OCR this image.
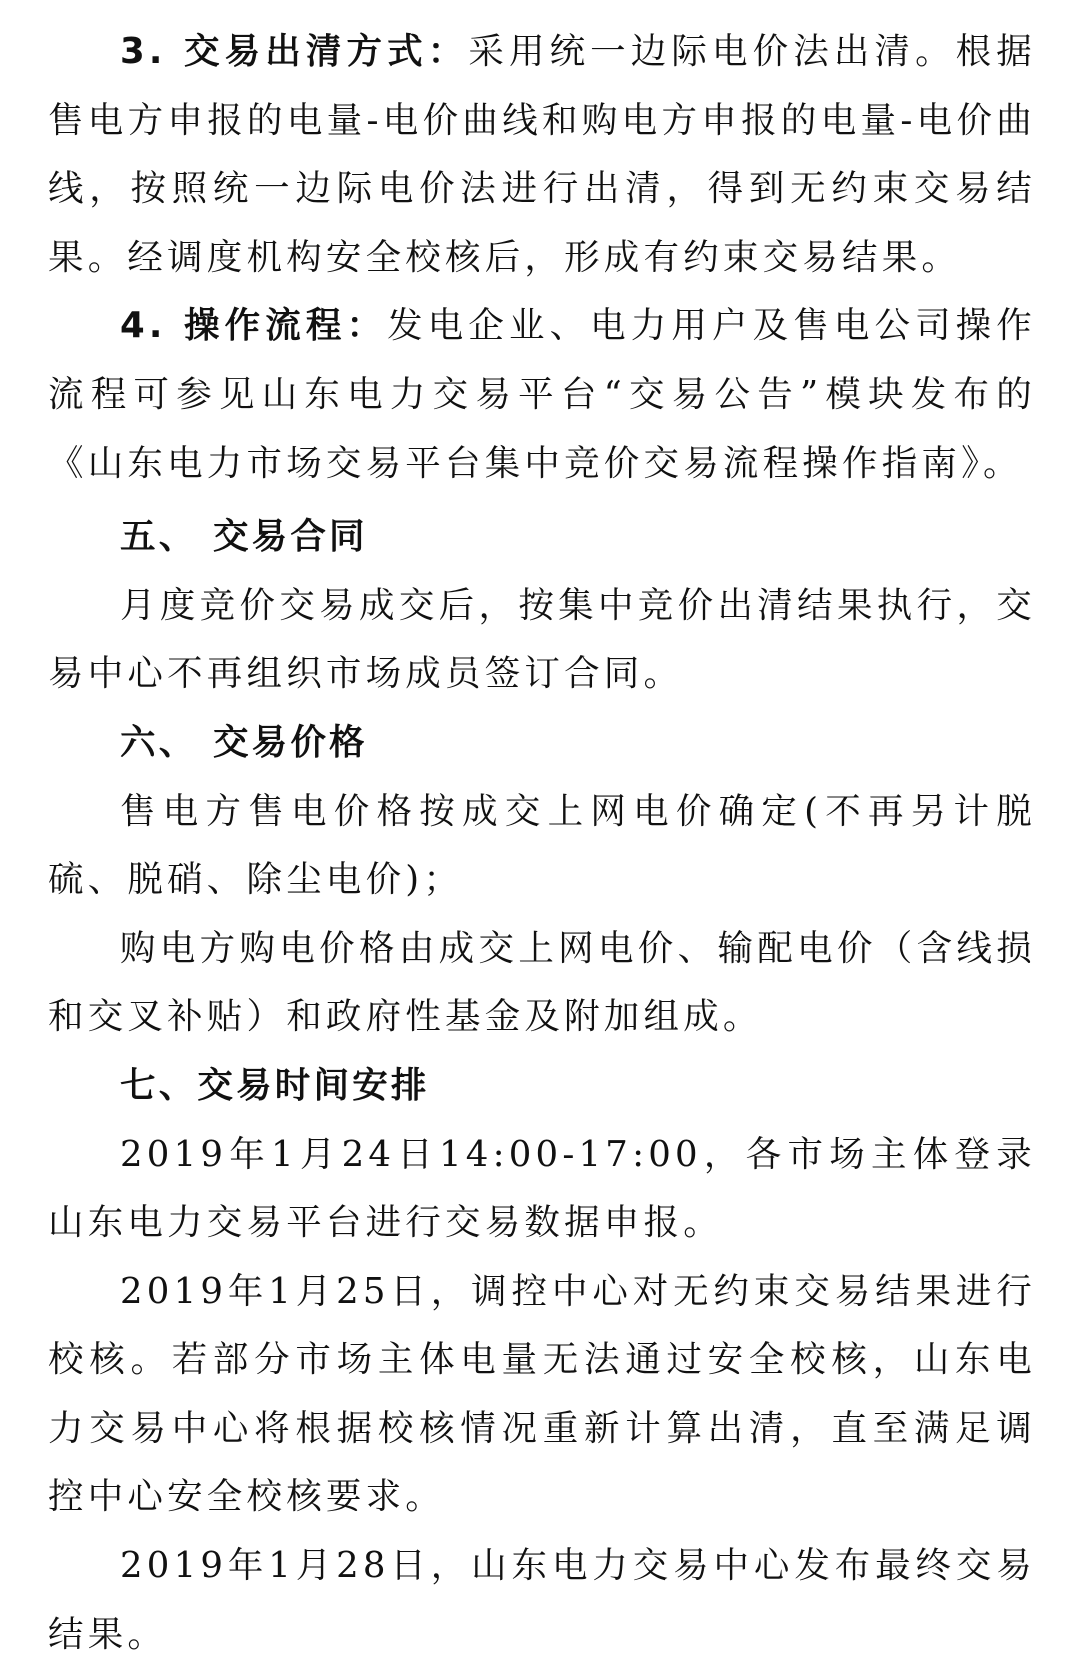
3. 交易出清方式：采用统一边际电价法出清。根据售电方申报的电量-电价曲线和购电方申报的电量-电价曲线，按照统一边际电价法进行出清，得到无约束交易结果。经调度机构安全校核后，形成有约束交易结果。

4. 操作流程：发电企业、电力用户及售电公司操作流程可参见山东电力交易平台“交易公告”模块发布的《山东电力市场交易平台集中竞价交易流程操作指南》。

五、 交易合同

月度竞价交易成交后，按集中竞价出清结果执行，交易中心不再组织市场成员签订合同。

六、 交易价格

售电方售电价格按成交上网电价确定(不再另计脱硫、脱硝、除尘电价)；

购电方购电价格由成交上网电价、输配电价（含线损和交叉补贴）和政府性基金及附加组成。

七、交易时间安排

2019年1月24日14:00-17:00，各市场主体登录山东电力交易平台进行交易数据申报。

2019年1月25日，调控中心对无约束交易结果进行校核。若部分市场主体电量无法通过安全校核，山东电力交易中心将根据校核情况重新计算出清，直至满足调控中心安全校核要求。

2019年1月28日，山东电力交易中心发布最终交易结果。
